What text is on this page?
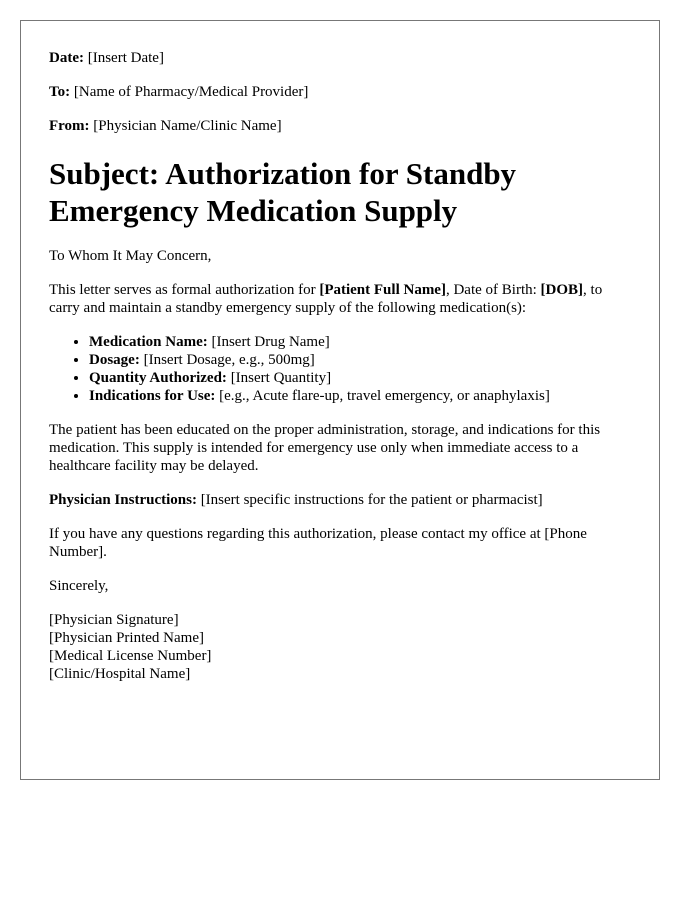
Date: [Insert Date]
To: [Name of Pharmacy/Medical Provider]
From: [Physician Name/Clinic Name]
Subject: Authorization for Standby Emergency Medication Supply

To Whom It May Concern,

This letter serves as formal authorization for [Patient Full Name], Date of Birth: [DOB], to carry and maintain a standby emergency supply of the following medication(s):

• Medication Name: [Insert Drug Name]
• Dosage: [Insert Dosage, e.g., 500mg]
• Quantity Authorized: [Insert Quantity]
• Indications for Use: [e.g., Acute flare-up, travel emergency, or anaphylaxis]

The patient has been educated on the proper administration, storage, and indications for this medication. This supply is intended for emergency use only when immediate access to a healthcare facility may be delayed.

Physician Instructions: [Insert specific instructions for the patient or pharmacist]

If you have any questions regarding this authorization, please contact my office at [Phone Number].

Sincerely,

[Physician Signature]
[Physician Printed Name]
[Medical License Number]
[Clinic/Hospital Name]
